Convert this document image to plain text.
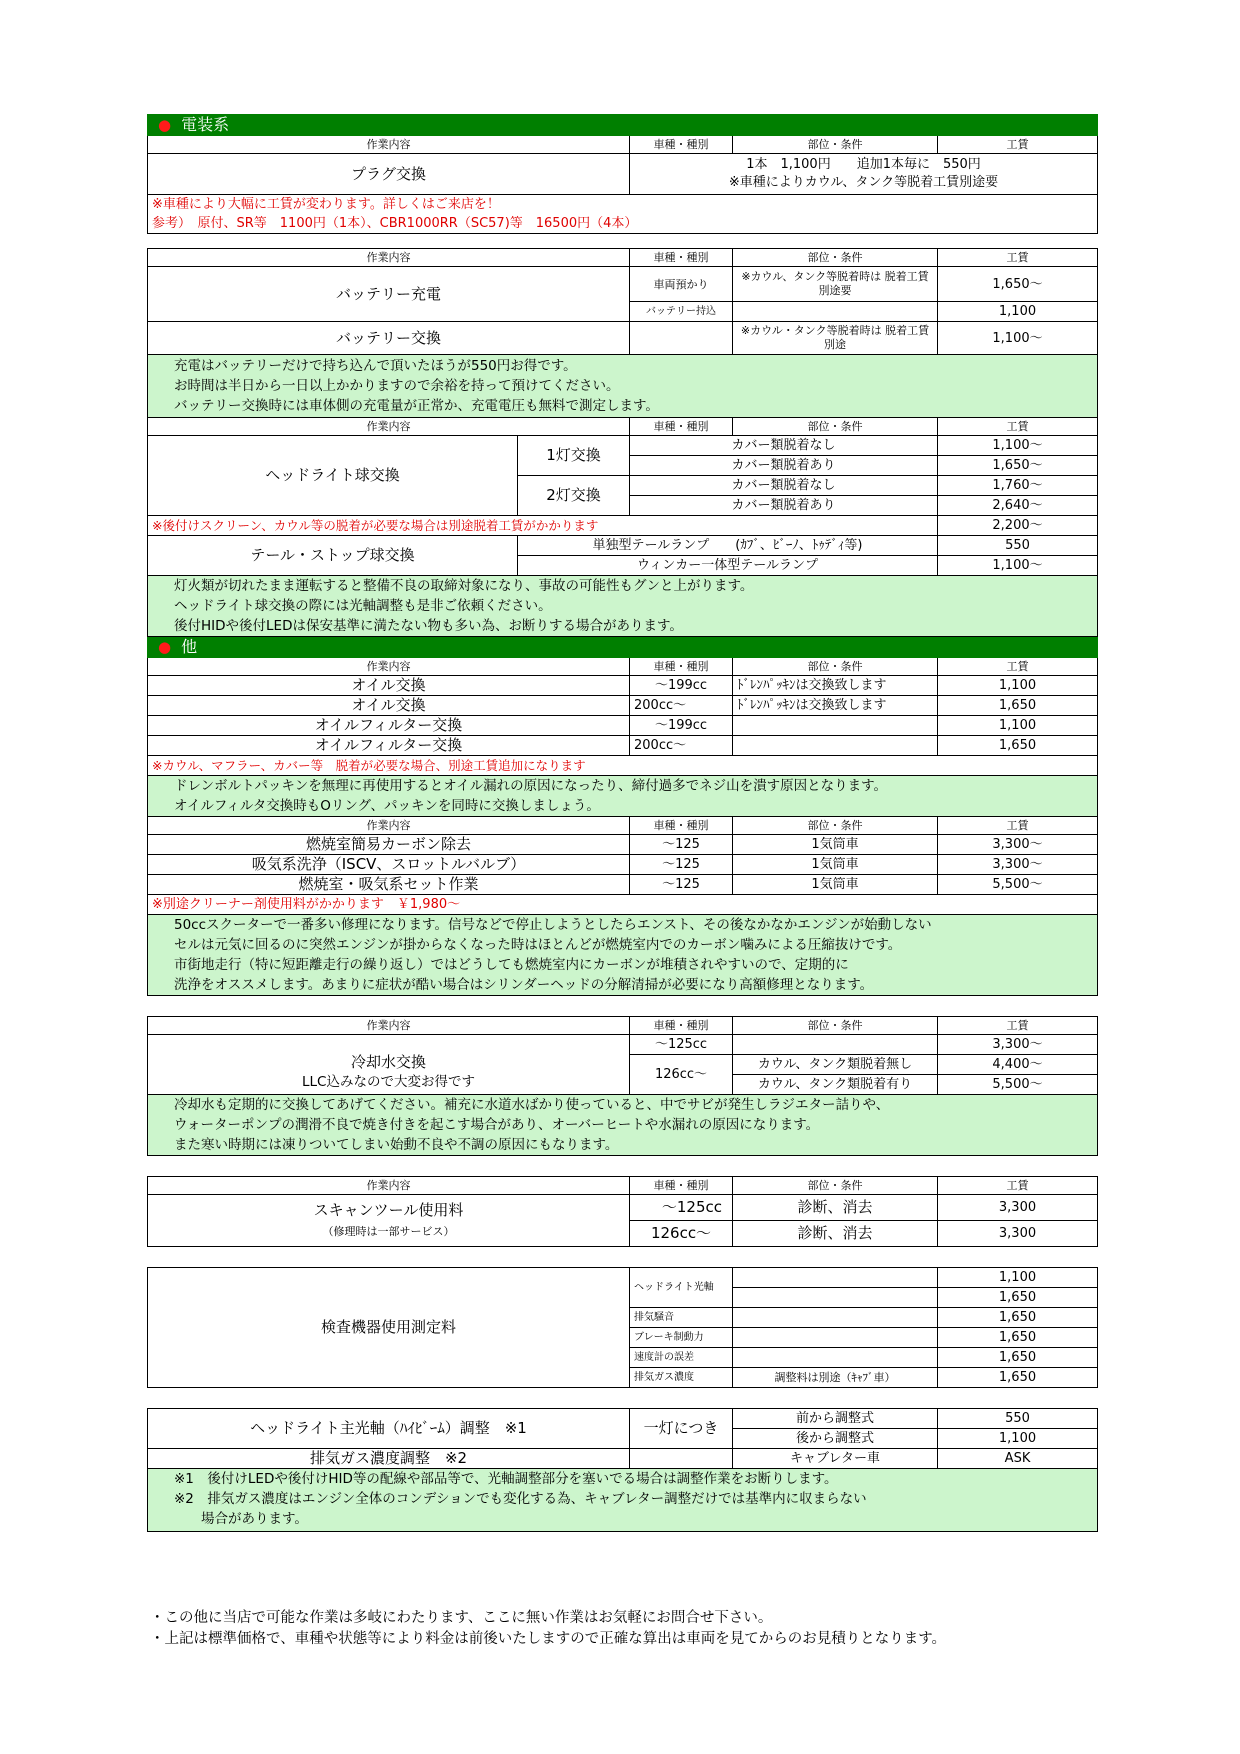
● 電装系				
作業内容		車種・種別	部位・条件	工賃
プラグ交換		1本　1,100円　　追加1本毎に　550円
※車種によりカウル、タンク等脱着工賃別途要		

※車種により大幅に工賃が変わります。詳しくはご来店を！				
参考）　原付、SR等　1100円（1本）、CBR1000RR（SC57)等　16500円（4本）				

作業内容		車種・種別	部位・条件	工賃
バッテリー充電		車両預かり	※カウル、タンク等脱着時は 脱着工賃別途要	1,650～
		バッテリー持込		1,100
バッテリー交換			※カウル・タンク等脱着時は 脱着工賃別途	1,100～

充電はバッテリーだけで持ち込んで頂いたほうが550円お得です。
お時間は半日から一日以上かかりますので余裕を持って預けてください。
バッテリー交換時には車体側の充電量が正常か、充電電圧も無料で測定します。				

作業内容		車種・種別	部位・条件	工賃
ヘッドライト球交換	1灯交換	カバー類脱着なし		1,100～
		カバー類脱着あり		1,650～
	2灯交換	カバー類脱着なし		1,760～
		カバー類脱着あり		2,640～
※後付けスクリーン、カウル等の脱着が必要な場合は別途脱着工賃がかかります				2,200～
テール・ストップ球交換	単独型テールランプ　　(ｶﾌﾞ、ﾋﾞｰﾉ、ﾄｩﾃﾞｨ等)			550
	ウィンカー一体型テールランプ			1,100～

灯火類が切れたまま運転すると整備不良の取締対象になり、事故の可能性もグンと上がります。
ヘッドライト球交換の際には光軸調整も是非ご依頼ください。
後付HIDや後付LEDは保安基準に満たない物も多い為、お断りする場合があります。				

● 他				
作業内容		車種・種別	部位・条件	工賃
オイル交換		～199cc	ﾄﾞﾚﾝﾊﾟｯｷﾝは交換致します	1,100
オイル交換		200cc～	ﾄﾞﾚﾝﾊﾟｯｷﾝは交換致します	1,650
オイルフィルター交換		～199cc		1,100
オイルフィルター交換		200cc～		1,650
※カウル、マフラー、カバー等　脱着が必要な場合、別途工賃追加になります				

ドレンボルトパッキンを無理に再使用するとオイル漏れの原因になったり、締付過多でネジ山を潰す原因となります。
オイルフィルタ交換時もOリング、パッキンを同時に交換しましょう。				

作業内容		車種・種別	部位・条件	工賃
燃焼室簡易カーボン除去		～125	1気筒車	3,300～
吸気系洗浄（ISCV、スロットルバルブ）		～125	1気筒車	3,300～
燃焼室・吸気系セット作業		～125	1気筒車	5,500～
※別途クリーナー剤使用料がかかります　￥1,980～				

50ccスクーターで一番多い修理になります。信号などで停止しようとしたらエンスト、その後なかなかエンジンが始動しない
セルは元気に回るのに突然エンジンが掛からなくなった時はほとんどが燃焼室内でのカーボン噛みによる圧縮抜けです。
市街地走行（特に短距離走行の繰り返し）ではどうしても燃焼室内にカーボンが堆積されやすいので、定期的に
洗浄をオススメします。あまりに症状が酷い場合はシリンダーヘッドの分解清掃が必要になり高額修理となります。				

作業内容		車種・種別	部位・条件	工賃

冷却水交換
LLC込みなので大変お得です		～125cc		3,300～
		126cc～	カウル、タンク類脱着無し	4,400～
			カウル、タンク類脱着有り	5,500～

冷却水も定期的に交換してあげてください。補充に水道水ばかり使っていると、中でサビが発生しラジエター詰りや、
ウォーターポンプの潤滑不良で焼き付きを起こす場合があり、オーバーヒートや水漏れの原因になります。
また寒い時期には凍りついてしまい始動不良や不調の原因にもなります。				

作業内容		車種・種別	部位・条件	工賃

スキャンツール使用料
（修理時は一部サービス）		～125cc	診断、消去	3,300
		126cc～	診断、消去	3,300

検査機器使用測定料		ヘッドライト光軸		1,100
				1,650
		排気騒音		1,650
		ブレーキ制動力		1,650
		速度計の誤差		1,650
		排気ガス濃度	調整料は別途（ｷｬﾌﾞ車）	1,650

ヘッドライト主光軸（ﾊｲﾋﾞｰﾑ）調整　※1		一灯につき	前から調整式	550
			後から調整式	1,100
排気ガス濃度調整　※2			キャブレター車	ASK

※1　後付けLEDや後付けHID等の配線や部品等で、光軸調整部分を塞いでる場合は調整作業をお断りします。
※2　排気ガス濃度はエンジン全体のコンデションでも変化する為、キャブレター調整だけでは基準内に収まらない
　　場合があります。				
・この他に当店で可能な作業は多岐にわたります、ここに無い作業はお気軽にお問合せ下さい。
・上記は標準価格で、車種や状態等により料金は前後いたしますので正確な算出は車両を見てからのお見積りとなります。
